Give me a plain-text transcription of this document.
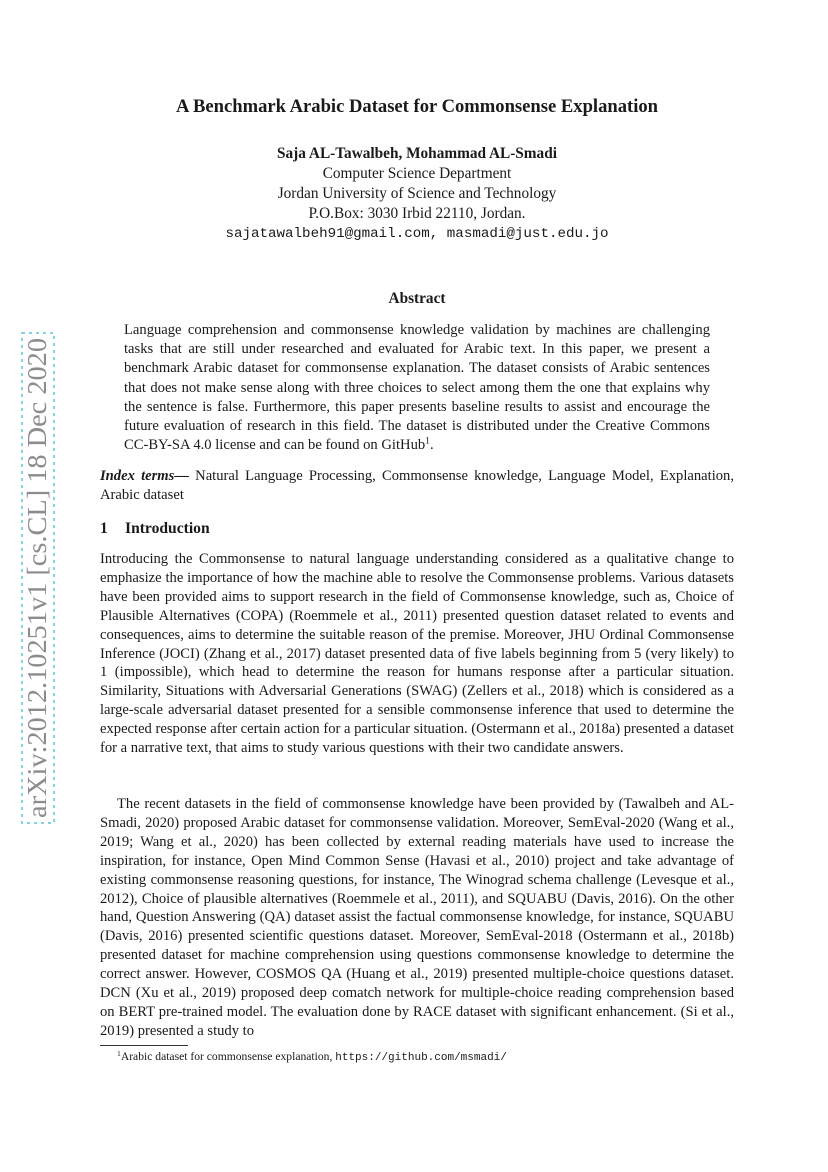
arXiv:2012.10251v1 [cs.CL] 18 Dec 2020
A Benchmark Arabic Dataset for Commonsense Explanation
Saja AL-Tawalbeh, Mohammad AL-Smadi
Computer Science Department
Jordan University of Science and Technology
P.O.Box: 3030 Irbid 22110, Jordan.
sajatawalbeh91@gmail.com, masmadi@just.edu.jo
Abstract
Language comprehension and commonsense knowledge validation by machines are challenging tasks that are still under researched and evaluated for Arabic text. In this paper, we present a benchmark Arabic dataset for commonsense explanation. The dataset consists of Arabic sentences that does not make sense along with three choices to select among them the one that explains why the sentence is false. Furthermore, this paper presents baseline results to assist and encourage the future evaluation of research in this field. The dataset is distributed under the Creative Commons CC-BY-SA 4.0 license and can be found on GitHub$^1$.
Index terms— Natural Language Processing, Commonsense knowledge, Language Model, Explanation, Arabic dataset
1 Introduction
Introducing the Commonsense to natural language understanding considered as a qualitative change to emphasize the importance of how the machine able to resolve the Commonsense problems. Various datasets have been provided aims to support research in the field of Commonsense knowledge, such as, Choice of Plausible Alternatives (COPA) (Roemmele et al., 2011) presented question dataset related to events and consequences, aims to determine the suitable reason of the premise. Moreover, JHU Ordinal Commonsense Inference (JOCI) (Zhang et al., 2017) dataset presented data of five labels beginning from 5 (very likely) to 1 (impossible), which head to determine the reason for humans response after a particular situation. Similarity, Situations with Adversarial Generations (SWAG) (Zellers et al., 2018) which is considered as a large-scale adversarial dataset presented for a sensible commonsense inference that used to determine the expected response after certain action for a particular situation. (Ostermann et al., 2018a) presented a dataset for a narrative text, that aims to study various questions with their two candidate answers.
The recent datasets in the field of commonsense knowledge have been provided by (Tawalbeh and AL-Smadi, 2020) proposed Arabic dataset for commonsense validation. Moreover, SemEval-2020 (Wang et al., 2019; Wang et al., 2020) has been collected by external reading materials have used to increase the inspiration, for instance, Open Mind Common Sense (Havasi et al., 2010) project and take advantage of existing commonsense reasoning questions, for instance, The Winograd schema challenge (Levesque et al., 2012), Choice of plausible alternatives (Roemmele et al., 2011), and SQUABU (Davis, 2016). On the other hand, Question Answering (QA) dataset assist the factual commonsense knowledge, for instance, SQUABU (Davis, 2016) presented scientific questions dataset. Moreover, SemEval-2018 (Ostermann et al., 2018b) presented dataset for machine comprehension using questions commonsense knowledge to determine the correct answer. However, COSMOS QA (Huang et al., 2019) presented multiple-choice questions dataset. DCN (Xu et al., 2019) proposed deep comatch network for multiple-choice reading comprehension based on BERT pre-trained model. The evaluation done by RACE dataset with significant enhancement. (Si et al., 2019) presented a study to
$^1$Arabic dataset for commonsense explanation, https://github.com/msmadi/
